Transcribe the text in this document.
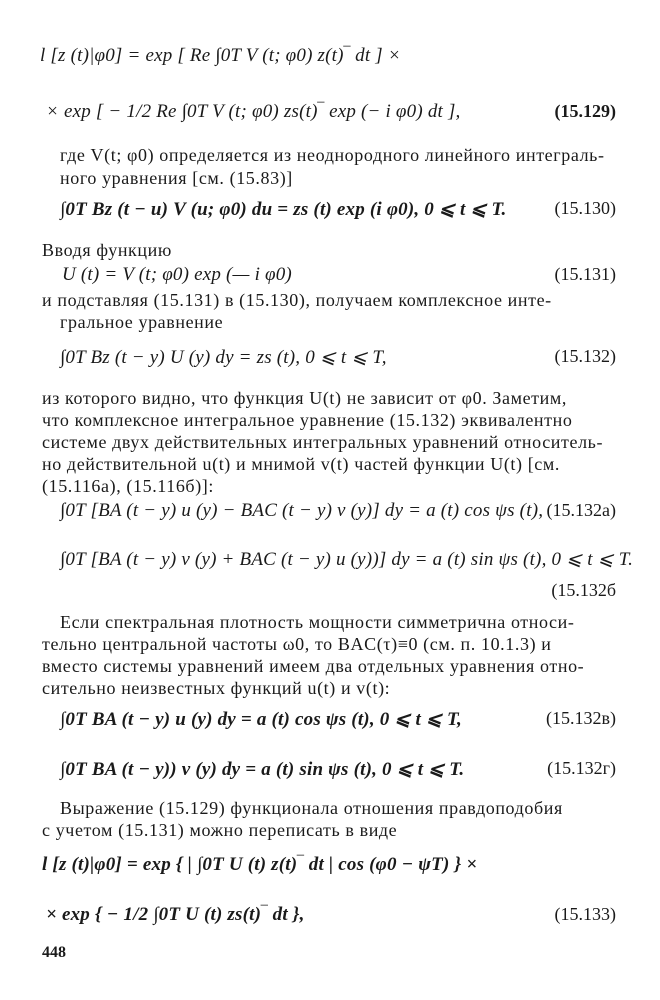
l [z (t)|φ0] = exp [ Re ∫0T V (t; φ0) z(t)‾ dt ] ×
× exp [ − 1/2 Re ∫0T V (t; φ0) zs(t)‾ exp (− i φ0) dt ],	(15.129)
где V(t; φ0) определяется из неоднородного линейного интеграль-
ного уравнения [см. (15.83)]
∫0T Bz (t − u) V (u; φ0) du = zs (t) exp (i φ0), 0 ⩽ t ⩽ T.	(15.130)
Вводя функцию
U (t) = V (t; φ0) exp (— i φ0)	(15.131)
и подставляя (15.131) в (15.130), получаем комплексное инте-
гральное уравнение
∫0T Bz (t − y) U (y) dy = zs (t), 0 ⩽ t ⩽ T,	(15.132)
из которого видно, что функция U(t) не зависит от φ0. Заметим,
что комплексное интегральное уравнение (15.132) эквивалентно
системе двух действительных интегральных уравнений относитель-
но действительной u(t) и мнимой v(t) частей функции U(t) [см.
(15.116а), (15.116б)]:
∫0T [BA (t − y) u (y) − BAC (t − y) v (y)] dy = a (t) cos ψs (t), (15.132а)
∫0T [BA (t − y) v (y) + BAC (t − y) u (y))] dy = a (t) sin ψs (t), 0 ⩽ t ⩽ T.
(15.132б
Если спектральная плотность мощности симметрична относи-
тельно центральной частоты ω0, то BAC(τ)≡0 (см. п. 10.1.3) и
вместо системы уравнений имеем два отдельных уравнения отно-
сительно неизвестных функций u(t) и v(t):
∫0T BA (t − y) u (y) dy = a (t) cos ψs (t), 0 ⩽ t ⩽ T,	(15.132в)
∫0T BA (t − y)) v (y) dy = a (t) sin ψs (t), 0 ⩽ t ⩽ T.	(15.132г)
Выражение (15.129) функционала отношения правдоподобия
с учетом (15.131) можно переписать в виде
l [z (t)|φ0] = exp { | ∫0T U (t) z(t)‾ dt | cos (φ0 − ψT) } ×
× exp { − 1/2 ∫0T U (t) zs(t)‾ dt },	(15.133)
448
